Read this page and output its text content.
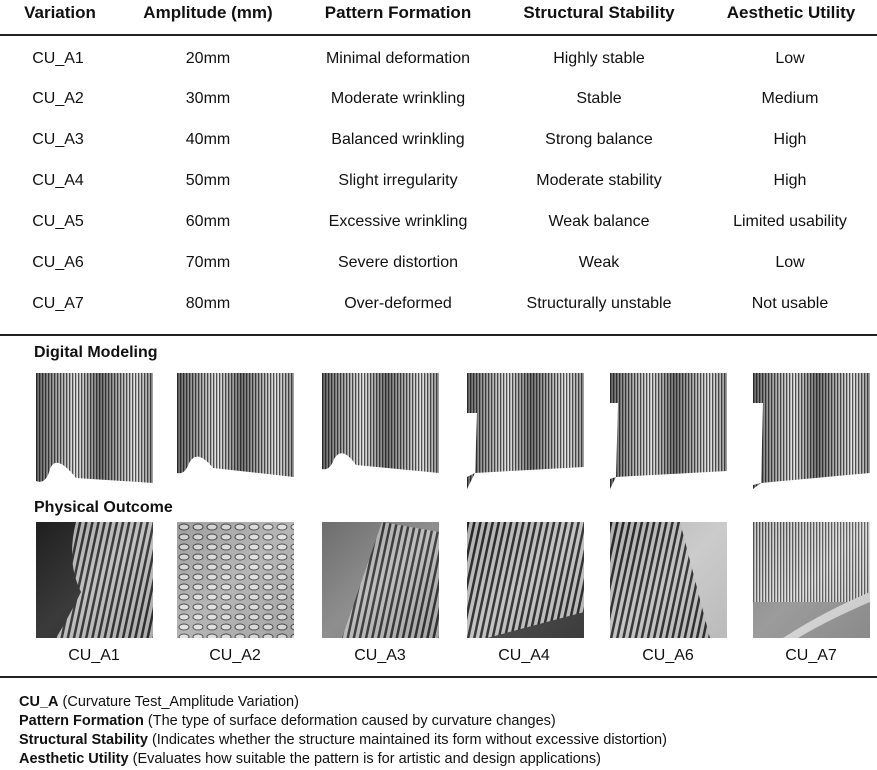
Variation	Amplitude (mm)	Pattern Formation	Structural Stability	Aesthetic Utility
CU_A1	20mm	Minimal deformation	Highly stable	Low
CU_A2	30mm	Moderate wrinkling	Stable	Medium
CU_A3	40mm	Balanced wrinkling	Strong balance	High
CU_A4	50mm	Slight irregularity	Moderate stability	High
CU_A5	60mm	Excessive wrinkling	Weak balance	Limited usability
CU_A6	70mm	Severe distortion	Weak	Low
CU_A7	80mm	Over-deformed	Structurally unstable	Not usable
Digital Modeling
Physical Outcome
CU_A1	CU_A2	CU_A3	CU_A4	CU_A6	CU_A7
CU_A (Curvature Test_Amplitude Variation)
Pattern Formation (The type of surface deformation caused by curvature changes)
Structural Stability (Indicates whether the structure maintained its form without excessive distortion)
Aesthetic Utility (Evaluates how suitable the pattern is for artistic and design applications)
